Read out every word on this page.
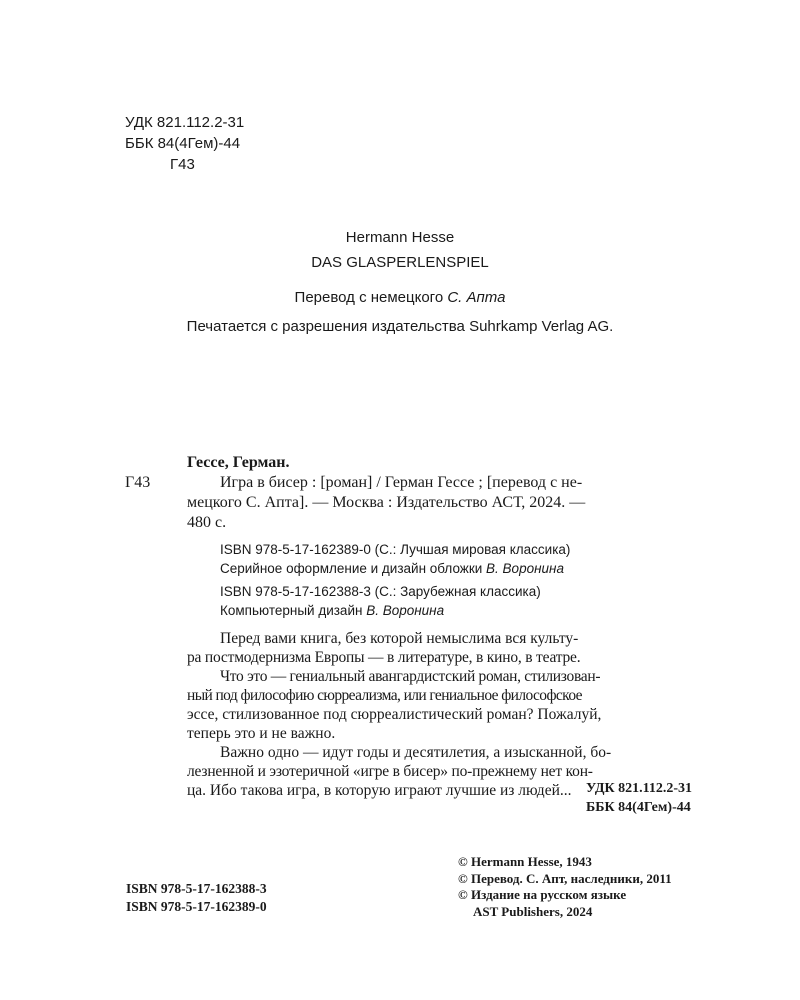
УДК 821.112.2-31
ББК 84(4Гем)-44
Г43
Hermann Hesse
DAS GLASPERLENSPIEL
Перевод с немецкого С. Апта
Печатается с разрешения издательства Suhrkamp Verlag AG.
Гессе, Герман.
Г43	Игра в бисер : [роман] / Герман Гессе ; [перевод с не-
мецкого С. Апта]. — Москва : Издательство АСТ, 2024. —
480 с.
ISBN 978-5-17-162389-0 (С.: Лучшая мировая классика)
Серийное оформление и дизайн обложки В. Воронина
ISBN 978-5-17-162388-3 (С.: Зарубежная классика)
Компьютерный дизайн В. Воронина
Перед вами книга, без которой немыслима вся культу-
ра постмодернизма Европы — в литературе, в кино, в театре.
Что это — гениальный авангардистский роман, стилизован-
ный под философию сюрреализма, или гениальное философское
эссе, стилизованное под сюрреалистический роман? Пожалуй,
теперь это и не важно.
Важно одно — идут годы и десятилетия, а изысканной, бо-
лезненной и эзотеричной «игре в бисер» по-прежнему нет кон-
ца. Ибо такова игра, в которую играют лучшие из людей... УДК 821.112.2-31
ББК 84(4Гем)-44
ISBN 978-5-17-162388-3
ISBN 978-5-17-162389-0
© Hermann Hesse, 1943
© Перевод. С. Апт, наследники, 2011
© Издание на русском языке
AST Publishers, 2024
